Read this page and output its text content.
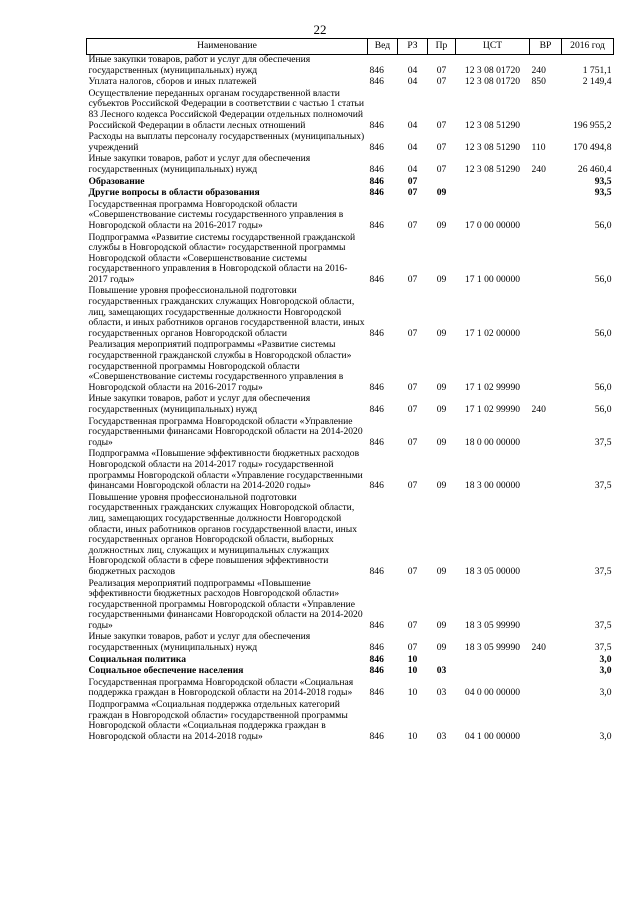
22
Наименование	Вед	РЗ	Пр	ЦСТ	ВР	2016 год
Иные закупки товаров, работ и услуг для обеспечения государственных (муниципальных) нужд	846	04	07	12 3 08 01720	240	1 751,1
Уплата налогов, сборов и иных платежей	846	04	07	12 3 08 01720	850	2 149,4
Осуществление переданных органам государственной власти субъектов Российской Федерации в соответствии с частью 1 статьи 83 Лесного кодекса Российской Федерации отдельных полномочий Российской Федерации в области лесных отношений	846	04	07	12 3 08 51290		196 955,2
Расходы на выплаты персоналу государственных (муниципальных) учреждений	846	04	07	12 3 08 51290	110	170 494,8
Иные закупки товаров, работ и услуг для обеспечения государственных (муниципальных) нужд	846	04	07	12 3 08 51290	240	26 460,4
Образование	846	07				93,5
Другие вопросы в области образования	846	07	09			93,5
Государственная программа Новгородской области «Совершенствование системы государственного управления в Новгородской области на 2016-2017 годы»	846	07	09	17 0 00 00000		56,0
Подпрограмма «Развитие системы государственной гражданской службы в Новгородской области» государственной программы Новгородской области «Совершенствование системы государственного управления в Новгородской области на 2016-2017 годы»	846	07	09	17 1 00 00000		56,0
Повышение уровня профессиональной подготовки государственных гражданских служащих Новгородской области, лиц, замещающих государственные должности Новгородской области, и иных работников органов государственной власти, иных государственных органов Новгородской области	846	07	09	17 1 02 00000		56,0
Реализация мероприятий подпрограммы «Развитие системы государственной гражданской службы в Новгородской области» государственной программы Новгородской области «Совершенствование системы государственного управления в Новгородской области на 2016-2017 годы»	846	07	09	17 1 02 99990		56,0
Иные закупки товаров, работ и услуг для обеспечения государственных (муниципальных) нужд	846	07	09	17 1 02 99990	240	56,0
Государственная программа Новгородской области «Управление государственными финансами Новгородской области на 2014-2020 годы»	846	07	09	18 0 00 00000		37,5
Подпрограмма «Повышение эффективности бюджетных расходов Новгородской области на 2014-2017 годы» государственной программы Новгородской области «Управление государственными финансами Новгородской области на 2014-2020 годы»	846	07	09	18 3 00 00000		37,5
Повышение уровня профессиональной подготовки государственных гражданских служащих Новгородской области, лиц, замещающих государственные должности Новгородской области, иных работников органов государственной власти, иных государственных органов Новгородской области, выборных должностных лиц, служащих и муниципальных служащих Новгородской области в сфере повышения эффективности бюджетных расходов	846	07	09	18 3 05 00000		37,5
Реализация мероприятий подпрограммы «Повышение эффективности бюджетных расходов Новгородской области» государственной программы Новгородской области «Управление государственными финансами Новгородской области на 2014-2020 годы»	846	07	09	18 3 05 99990		37,5
Иные закупки товаров, работ и услуг для обеспечения государственных (муниципальных) нужд	846	07	09	18 3 05 99990	240	37,5
Социальная политика	846	10				3,0
Социальное обеспечение населения	846	10	03			3,0
Государственная программа Новгородской области «Социальная поддержка граждан в Новгородской области на 2014-2018 годы»	846	10	03	04 0 00 00000		3,0
Подпрограмма «Социальная поддержка отдельных категорий граждан в Новгородской области» государственной программы Новгородской области «Социальная поддержка граждан в Новгородской области на 2014-2018 годы»	846	10	03	04 1 00 00000		3,0
